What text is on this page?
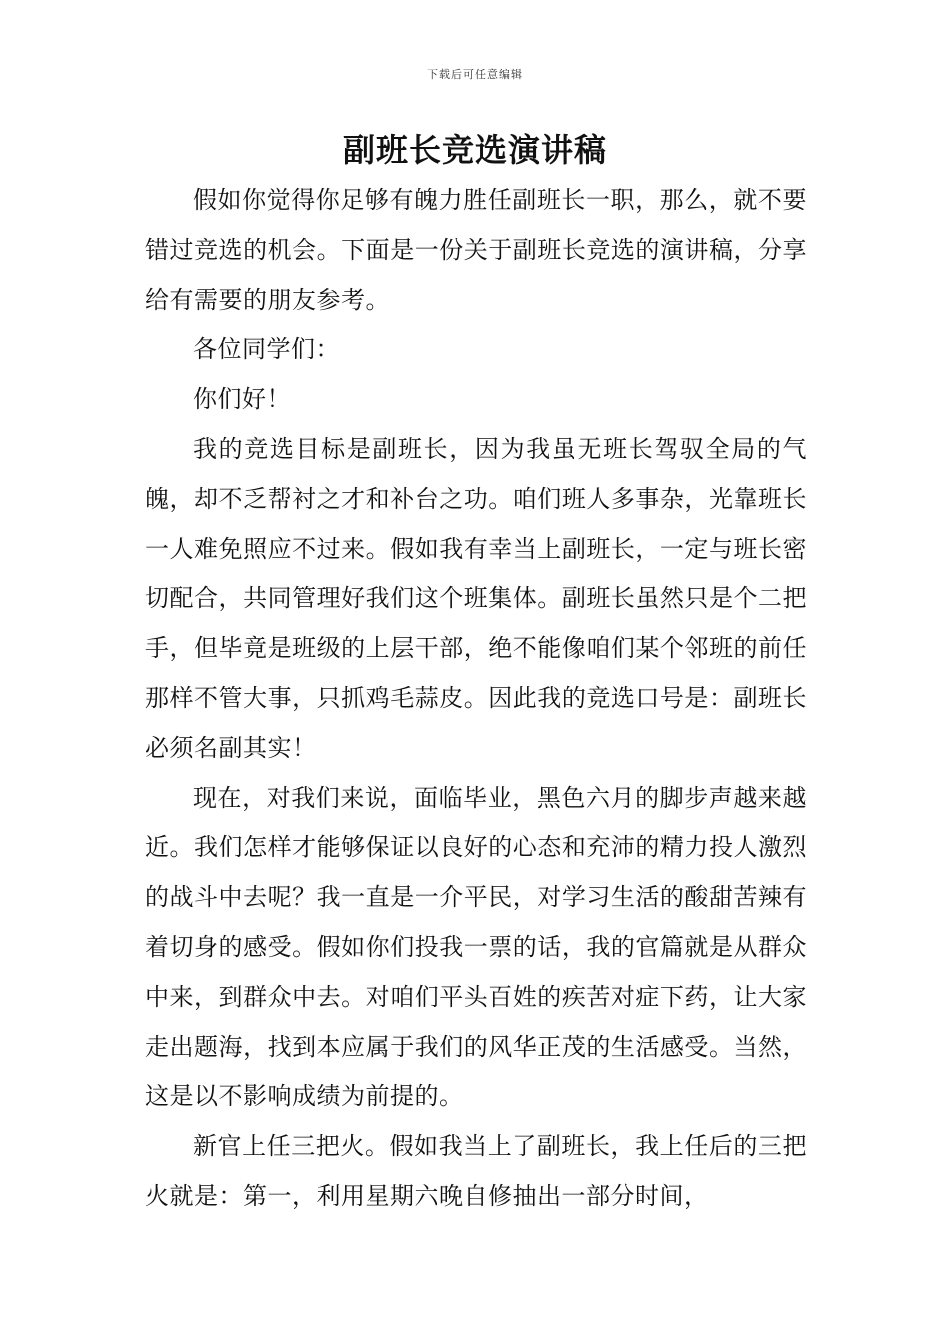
下载后可任意编辑
副班长竞选演讲稿

假如你觉得你足够有魄力胜任副班长一职，那么，就不要错过竞选的机会。下面是一份关于副班长竞选的演讲稿，分享给有需要的朋友参考。

各位同学们：

你们好！

我的竞选目标是副班长，因为我虽无班长驾驭全局的气魄，却不乏帮衬之才和补台之功。咱们班人多事杂，光靠班长一人难免照应不过来。假如我有幸当上副班长，一定与班长密切配合，共同管理好我们这个班集体。副班长虽然只是个二把手，但毕竟是班级的上层干部，绝不能像咱们某个邻班的前任那样不管大事，只抓鸡毛蒜皮。因此我的竞选口号是：副班长必须名副其实！

现在，对我们来说，面临毕业，黑色六月的脚步声越来越近。我们怎样才能够保证以良好的心态和充沛的精力投人激烈的战斗中去呢？我一直是一介平民，对学习生活的酸甜苦辣有着切身的感受。假如你们投我一票的话，我的官篇就是从群众中来，到群众中去。对咱们平头百姓的疾苦对症下药，让大家走出题海，找到本应属于我们的风华正茂的生活感受。当然，这是以不影响成绩为前提的。

新官上任三把火。假如我当上了副班长，我上任后的三把火就是：第一，利用星期六晚自修抽出一部分时间，
